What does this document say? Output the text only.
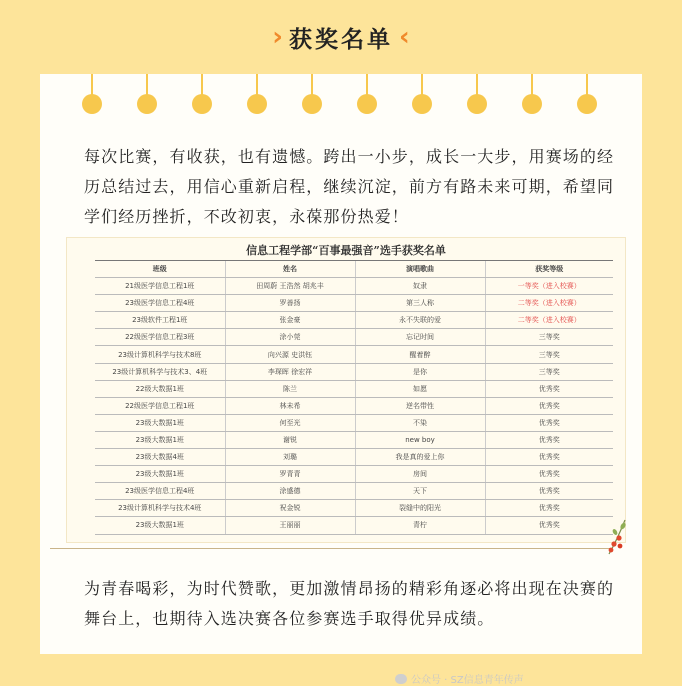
› 获奖名单 ‹

每次比赛，有收获，也有遗憾。跨出一小步，成长一大步，用赛场的经历总结过去，用信心重新启程，继续沉淀，前方有路未来可期，希望同学们经历挫折，不改初衷，永葆那份热爱！

信息工程学部“百事最强音”选手获奖名单
班级	姓名	演唱歌曲	获奖等级
21级医学信息工程1班	田周蔚 王浩然 胡兆丰	奴隶	一等奖（进入校赛）
23级医学信息工程4班	罗善扬	第三人称	二等奖（进入校赛）
23级软件工程1班	张金豪	永不失联的爱	二等奖（进入校赛）
22级医学信息工程3班	涂小莞	忘记时间	三等奖
23级计算机科学与技术8班	向兴源 史洪钰	醒着醉	三等奖
23级计算机科学与技术3、4班	李琛晖 徐宏祥	是你	三等奖
22级大数据1班	陈兰	如愿	优秀奖
22级医学信息工程1班	林未希	逆名带性	优秀奖
23级大数据1班	何至光	不染	优秀奖
23级大数据1班	谢锐	new boy	优秀奖
23级大数据4班	刘璐	我是真的爱上你	优秀奖
23级大数据1班	罗青青	房间	优秀奖
23级医学信息工程4班	涂盛德	天下	优秀奖
23级计算机科学与技术4班	祝金锐	裂缝中的阳光	优秀奖
23级大数据1班	王丽丽	青柠	优秀奖
公众号 · SZ信息青年传声

为青春喝彩，为时代赞歌，更加激情昂扬的精彩角逐必将出现在决赛的舞台上，也期待入选决赛各位参赛选手取得优异成绩。
